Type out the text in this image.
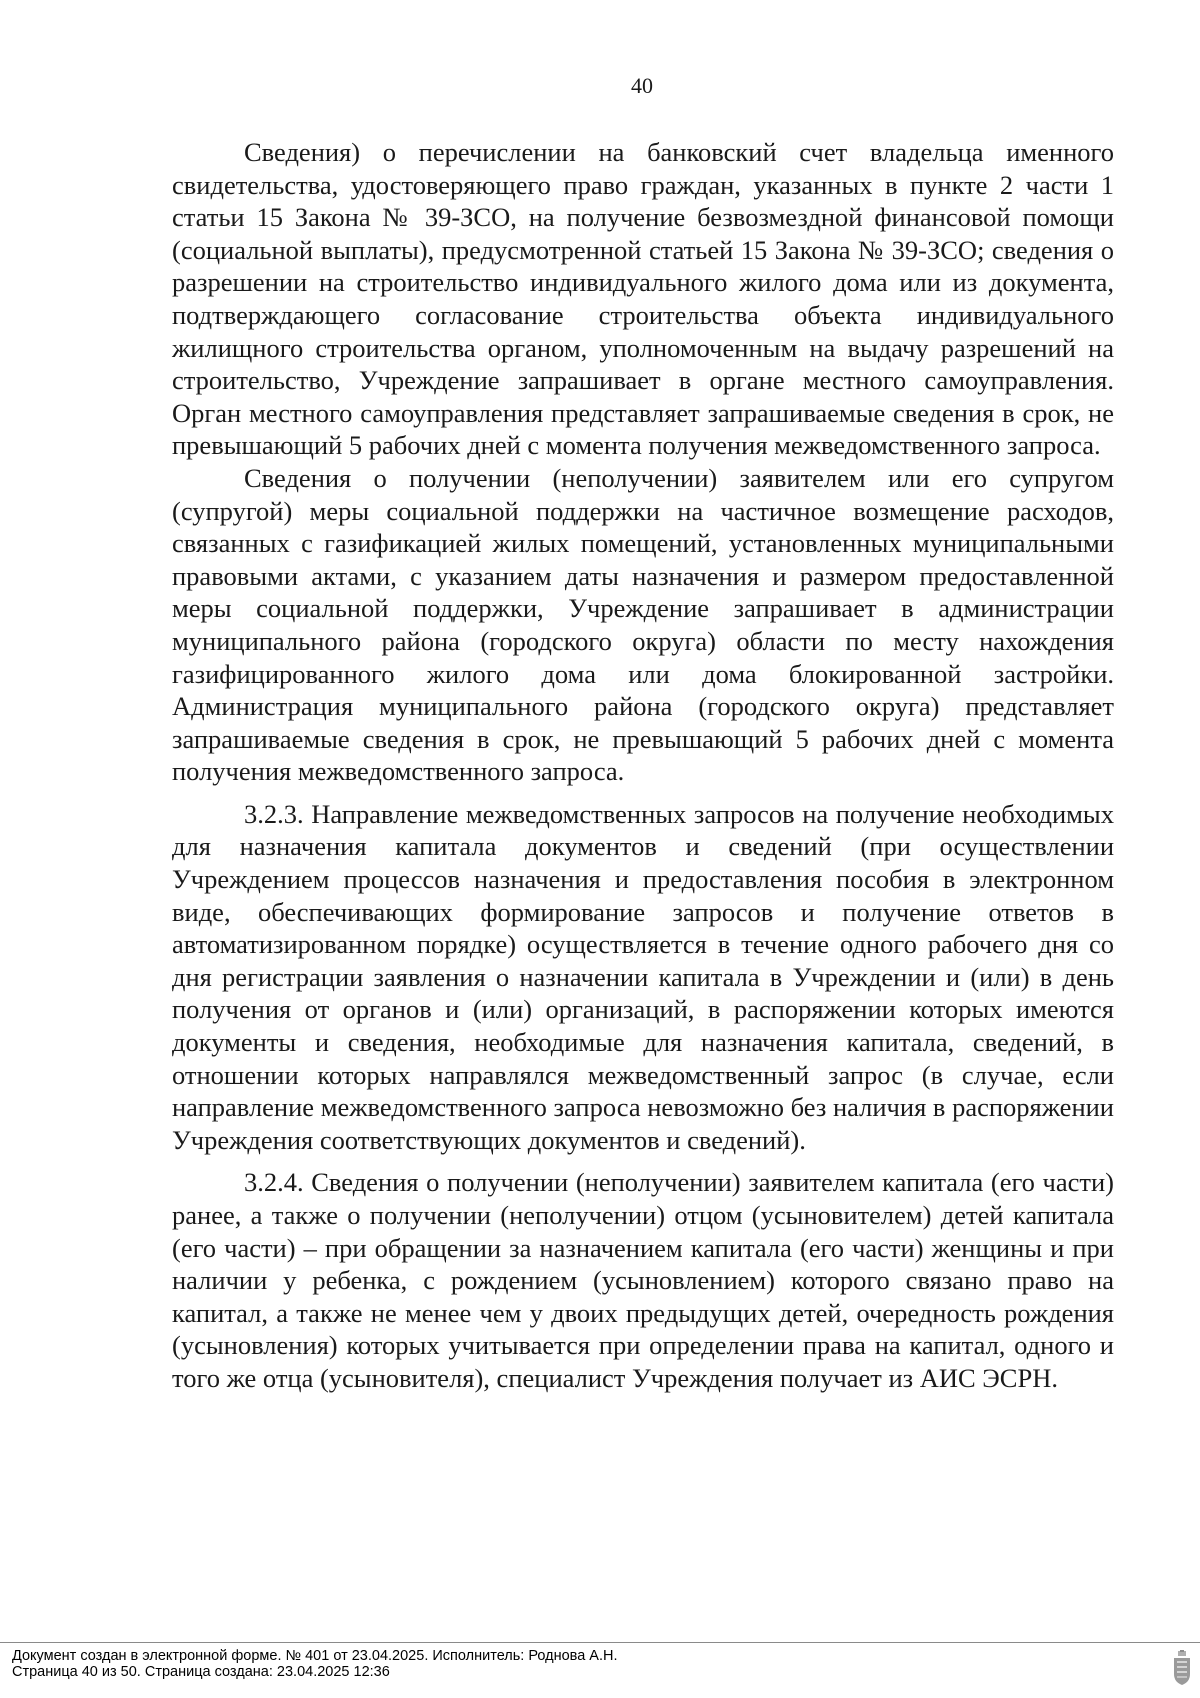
40

Сведения) о перечислении на банковский счет владельца именного свидетельства, удостоверяющего право граждан, указанных в пункте 2 части 1 статьи 15 Закона № 39-ЗСО, на получение безвозмездной финансовой помощи (социальной выплаты), предусмотренной статьей 15 Закона № 39-ЗСО; сведения о разрешении на строительство индивидуального жилого дома или из документа, подтверждающего согласование строительства объекта индивидуального жилищного строительства органом, уполномоченным на выдачу разрешений на строительство, Учреждение запрашивает в органе местного самоуправления. Орган местного самоуправления представляет запрашиваемые сведения в срок, не превышающий 5 рабочих дней с момента получения межведомственного запроса.

Сведения о получении (неполучении) заявителем или его супругом (супругой) меры социальной поддержки на частичное возмещение расходов, связанных с газификацией жилых помещений, установленных муниципальными правовыми актами, с указанием даты назначения и размером предоставленной меры социальной поддержки, Учреждение запрашивает в администрации муниципального района (городского округа) области по месту нахождения газифицированного жилого дома или дома блокированной застройки. Администрация муниципального района (городского округа) представляет запрашиваемые сведения в срок, не превышающий 5 рабочих дней с момента получения межведомственного запроса.

3.2.3. Направление межведомственных запросов на получение необходимых для назначения капитала документов и сведений (при осуществлении Учреждением процессов назначения и предоставления пособия в электронном виде, обеспечивающих формирование запросов и получение ответов в автоматизированном порядке) осуществляется в течение одного рабочего дня со дня регистрации заявления о назначении капитала в Учреждении и (или) в день получения от органов и (или) организаций, в распоряжении которых имеются документы и сведения, необходимые для назначения капитала, сведений, в отношении которых направлялся межведомственный запрос (в случае, если направление межведомственного запроса невозможно без наличия в распоряжении Учреждения соответствующих документов и сведений).

3.2.4. Сведения о получении (неполучении) заявителем капитала (его части) ранее, а также о получении (неполучении) отцом (усыновителем) детей капитала (его части) – при обращении за назначением капитала (его части) женщины и при наличии у ребенка, с рождением (усыновлением) которого связано право на капитал, а также не менее чем у двоих предыдущих детей, очередность рождения (усыновления) которых учитывается при определении права на капитал, одного и того же отца (усыновителя), специалист Учреждения получает из АИС ЭСРН.

Документ создан в электронной форме. № 401 от 23.04.2025. Исполнитель: Роднова А.Н.
Страница 40 из 50. Страница создана: 23.04.2025 12:36
